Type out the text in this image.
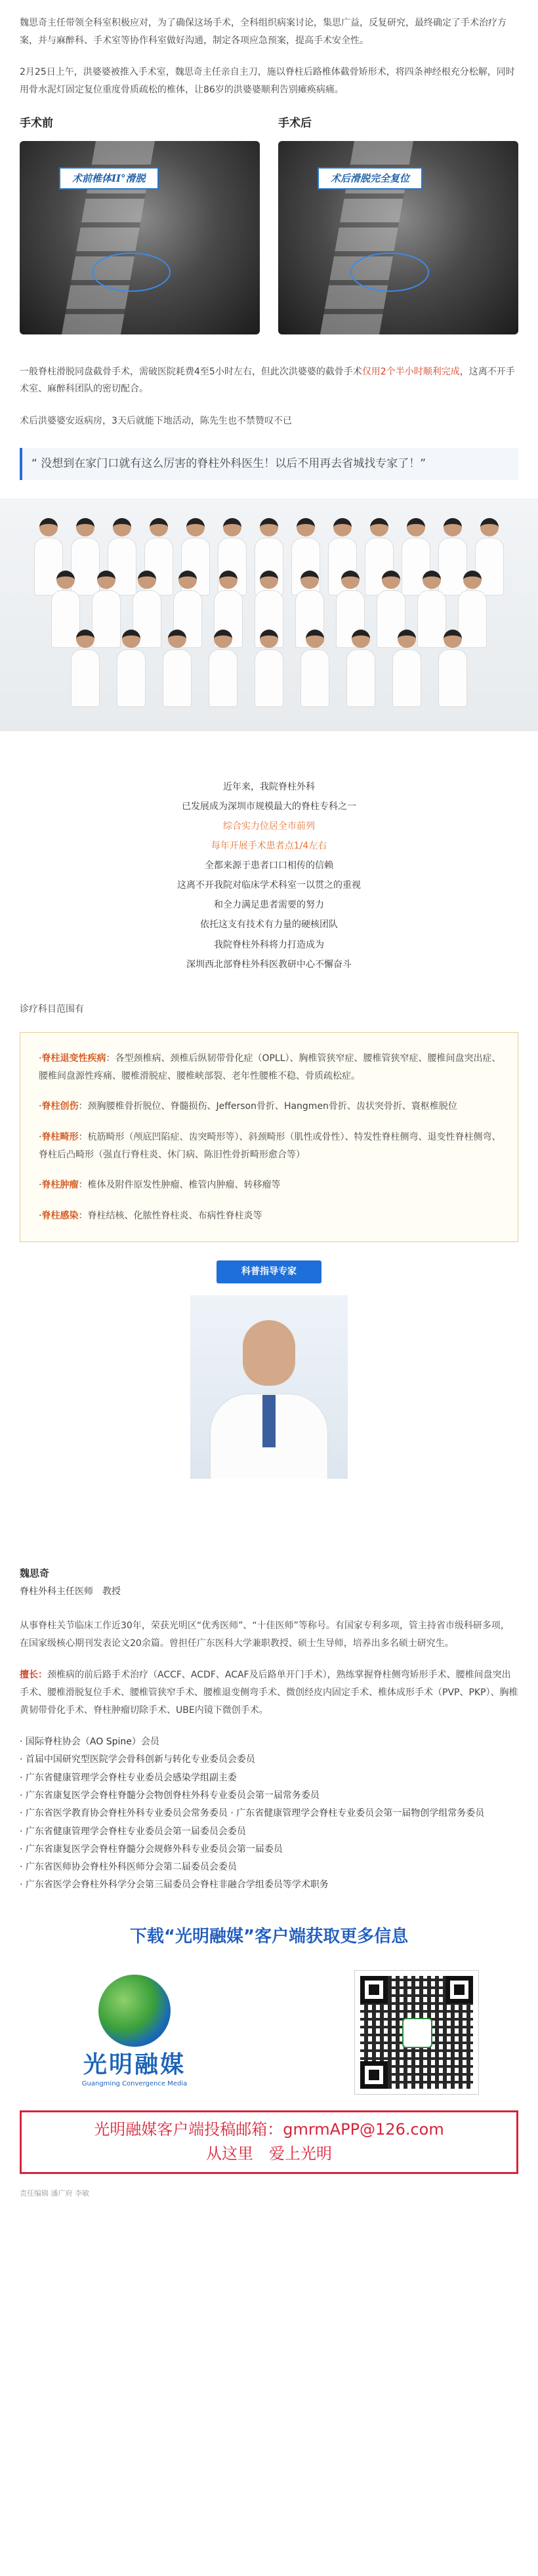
魏思奇主任带领全科室积极应对，为了确保这场手术，全科组织病案讨论，集思广益，反复研究，最终确定了手术治疗方案，并与麻醉科、手术室等协作科室做好沟通，制定各项应急预案，提高手术安全性。

2月25日上午，洪婆婆被推入手术室，魏思奇主任亲自主刀，施以脊柱后路椎体截骨矫形术，将四条神经根充分松解，同时用骨水泥灯固定复位重度骨质疏松的椎体，让86岁的洪婆婆顺利告别瘫痪病痛。

手术前
术前椎体II°滑脱
手术后
术后滑脱完全复位

一般脊柱滑脱同盘截骨手术，需破医院耗费4至5小时左右，但此次洪婆婆的截骨手术仅用2个半小时顺利完成，这离不开手术室、麻醉科团队的密切配合。

术后洪婆婆安返病房，3天后就能下地活动，陈先生也不禁赞叹不已

“ 没想到在家门口就有这么厉害的脊柱外科医生！以后不用再去省城找专家了！”
近年来，我院脊柱外科
已发展成为深圳市规模最大的脊柱专科之一
综合实力位居全市前列
每年开展手术患者点1/4左右
全都来源于患者口口相传的信赖
这离不开我院对临床学术科室一以贯之的重视
和全力满足患者需要的努力
依托这支有技术有力量的硬核团队
我院脊柱外科将力打造成为
深圳西北部脊柱外科医教研中心不懈奋斗

诊疗科目范围有

·脊柱退变性疾病：各型颈椎病、颈椎后纵韧带骨化症（OPLL）、胸椎管狭窄症、腰椎管狭窄症、腰椎间盘突出症、腰椎间盘源性疼痛、腰椎滑脱症、腰椎峡部裂、老年性腰椎不稳、骨质疏松症。
·脊柱创伤：颈胸腰椎骨折脱位、脊髓损伤、Jefferson骨折、Hangmen骨折、齿状突骨折、寰枢椎脱位
·脊柱畸形：杭筋畸形（颅底凹陷症、齿突畸形等）、斜颈畸形（肌性或骨性）、特发性脊柱侧弯、退变性脊柱侧弯、脊柱后凸畸形（强直行脊柱炎、休门病、陈旧性骨折畸形愈合等）
·脊柱肿瘤：椎体及附件原发性肿瘤、椎管内肿瘤、转移瘤等
·脊柱感染：脊柱结核、化脓性脊柱炎、布病性脊柱炎等
科普指导专家
魏思奇
脊柱外科主任医师　教授

从事脊柱关节临床工作近30年，荣获光明区“优秀医师”、“十佳医师”等称号。有国家专利多项，管主持省市级科研多项，在国家级核心期刊发表论文20余篇。曾担任广东医科大学兼职教授、硕士生导师，培养出多名硕士研究生。

擅长：颈椎病的前后路手术治疗（ACCF、ACDF、ACAF及后路单开门手术），熟练掌握脊柱侧弯矫形手术、腰椎间盘突出手术、腰椎滑脱复位手术、腰椎管狭窄手术、腰椎退变侧弯手术、微创经皮内固定手术、椎体成形手术（PVP、PKP）、胸椎黄韧带骨化手术、脊柱肿瘤切除手术、UBE内镜下微创手术。

· 国际脊柱协会（AO Spine）会员
· 首届中国研究型医院学会骨科创新与转化专业委员会委员
· 广东省健康管理学会脊柱专业委员会感染学组副主委
· 广东省康复医学会脊柱脊髓分会物创脊柱外科专业委员会第一届常务委员
· 广东省医学教育协会脊柱外科专业委员会常务委员 · 广东省健康管理学会脊柱专业委员会第一届物创学组常务委员
· 广东省健康管理学会脊柱专业委员会第一届委员会委员
· 广东省康复医学会脊柱脊髓分会规修外科专业委员会第一届委员
· 广东省医师协会脊柱外科医师分会第二届委员会委员
· 广东省医学会脊柱外科学分会第三届委员会脊柱非融合学组委员等学术职务
下载“光明融媒”客户端获取更多信息
光明融媒
Guangming Convergence Media
光明融媒客户端投稿邮箱：gmrmAPP@126.com
从这里　爱上光明
责任编辑 潘广府 李敏
